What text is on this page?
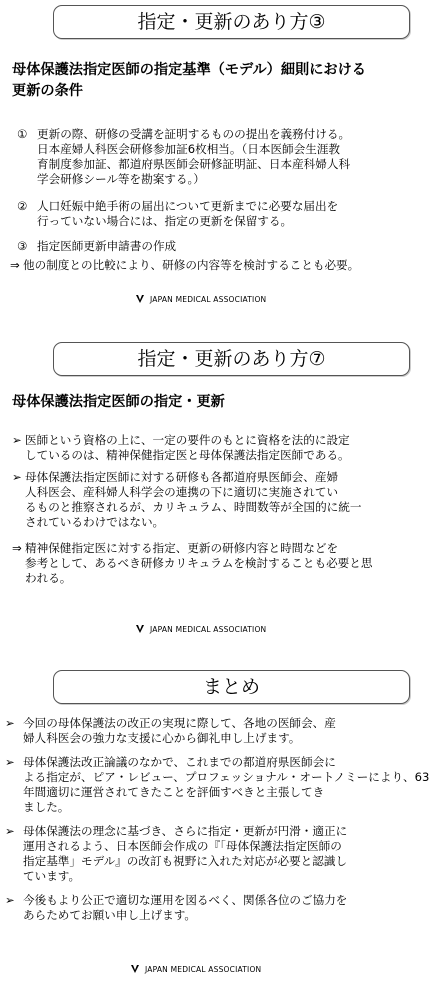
指定・更新のあり方③
母体保護法指定医師の指定基準（モデル）細則における
更新の条件
① 更新の際、研修の受講を証明するものの提出を義務付ける。
日本産婦人科医会研修参加証6枚相当。（日本医師会生涯教
育制度参加証、都道府県医師会研修証明証、日本産科婦人科
学会研修シール等を勘案する。）
② 人口妊娠中絶手術の届出について更新までに必要な届出を
行っていない場合には、指定の更新を保留する。
③ 指定医師更新申請書の作成
⇒ 他の制度との比較により、研修の内容等を検討することも必要。
JAPAN MEDICAL ASSOCIATION
指定・更新のあり方⑦
母体保護法指定医師の指定・更新
➢ 医師という資格の上に、一定の要件のもとに資格を法的に設定
しているのは、精神保健指定医と母体保護法指定医師である。
➢ 母体保護法指定医師に対する研修も各都道府県医師会、産婦
人科医会、産科婦人科学会の連携の下に適切に実施されてい
るものと推察されるが、カリキュラム、時間数等が全国的に統一
されているわけではない。
⇒ 精神保健指定医に対する指定、更新の研修内容と時間などを
参考として、あるべき研修カリキュラムを検討することも必要と思
われる。
JAPAN MEDICAL ASSOCIATION
まとめ
➢ 今回の母体保護法の改正の実現に際して、各地の医師会、産
婦人科医会の強力な支援に心から御礼申し上げます。
➢ 母体保護法改正論議のなかで、これまでの都道府県医師会に
よる指定が、ピア・レビュー、プロフェッショナル・オートノミーにより、63年間適切に運営されてきたことを評価すべきと主張してき
ました。
➢ 母体保護法の理念に基づき、さらに指定・更新が円滑・適正に
運用されるよう、日本医師会作成の『「母体保護法指定医師の
指定基準」モデル』の改訂も視野に入れた対応が必要と認識し
ています。
➢ 今後もより公正で適切な運用を図るべく、関係各位のご協力を
あらためてお願い申し上げます。
JAPAN MEDICAL ASSOCIATION
